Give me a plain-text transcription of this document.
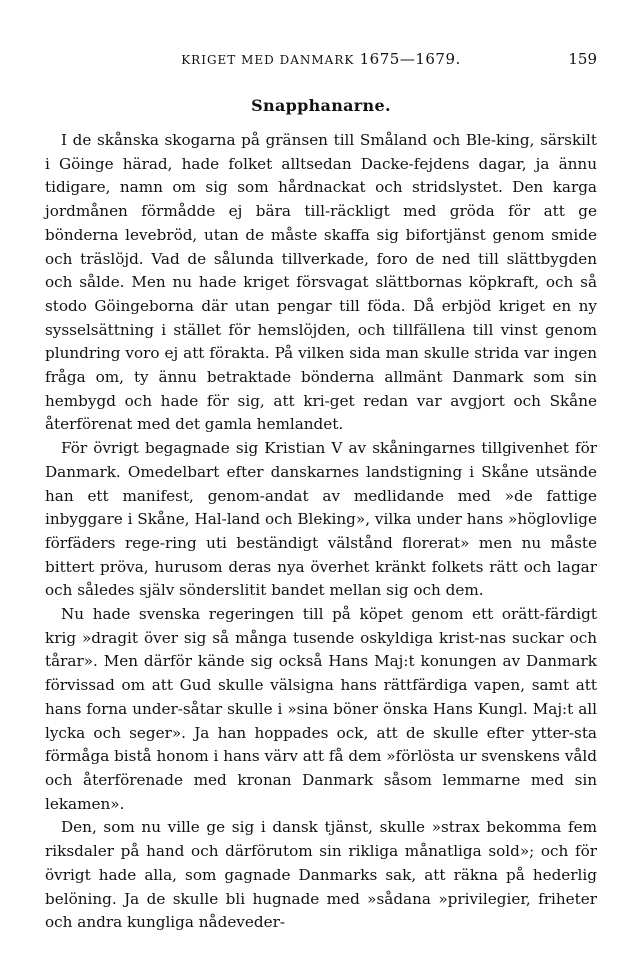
KRIGET MED DANMARK 1675—1679.	159
Snapphanarne.

I de skånska skogarna på gränsen till Småland och Ble-king, särskilt i Göinge härad, hade folket alltsedan Dacke-fejdens dagar, ja ännu tidigare, namn om sig som hårdnackat och stridslystet. Den karga jordmånen förmådde ej bära till-räckligt med gröda för att ge bönderna levebröd, utan de måste skaffa sig bifortjänst genom smide och träslöjd. Vad de sålunda tillverkade, foro de ned till slättbygden och sålde. Men nu hade kriget försvagat slättbornas köpkraft, och så stodo Göingeborna där utan pengar till föda. Då erbjöd kriget en ny sysselsättning i stället för hemslöjden, och tillfällena till vinst genom plundring voro ej att förakta. På vilken sida man skulle strida var ingen fråga om, ty ännu betraktade bönderna allmänt Danmark som sin hembygd och hade för sig, att kri-get redan var avgjort och Skåne återförenat med det gamla hemlandet.

För övrigt begagnade sig Kristian V av skåningarnes tillgivenhet för Danmark. Omedelbart efter danskarnes landstigning i Skåne utsände han ett manifest, genom-andat av medlidande med »de fattige inbyggare i Skåne, Hal-land och Bleking», vilka under hans »höglovlige förfäders rege-ring uti beständigt välstånd florerat» men nu måste bittert pröva, hurusom deras nya överhet kränkt folkets rätt och lagar och således själv sönderslitit bandet mellan sig och dem.

Nu hade svenska regeringen till på köpet genom ett orätt-färdigt krig »dragit över sig så många tusende oskyldiga krist-nas suckar och tårar». Men därför kände sig också Hans Maj:t konungen av Danmark förvissad om att Gud skulle välsigna hans rättfärdiga vapen, samt att hans forna under-såtar skulle i »sina böner önska Hans Kungl. Maj:t all lycka och seger». Ja han hoppades ock, att de skulle efter ytter-sta förmåga bistå honom i hans värv att få dem »förlösta ur svenskens våld och återförenade med kronan Danmark såsom lemmarne med sin lekamen».

Den, som nu ville ge sig i dansk tjänst, skulle »strax bekomma fem riksdaler på hand och därförutom sin rikliga månatliga sold»; och för övrigt hade alla, som gagnade Danmarks sak, att räkna på hederlig belöning. Ja de skulle bli hugnade med »sådana »privilegier, friheter och andra kungliga nådeveder-
